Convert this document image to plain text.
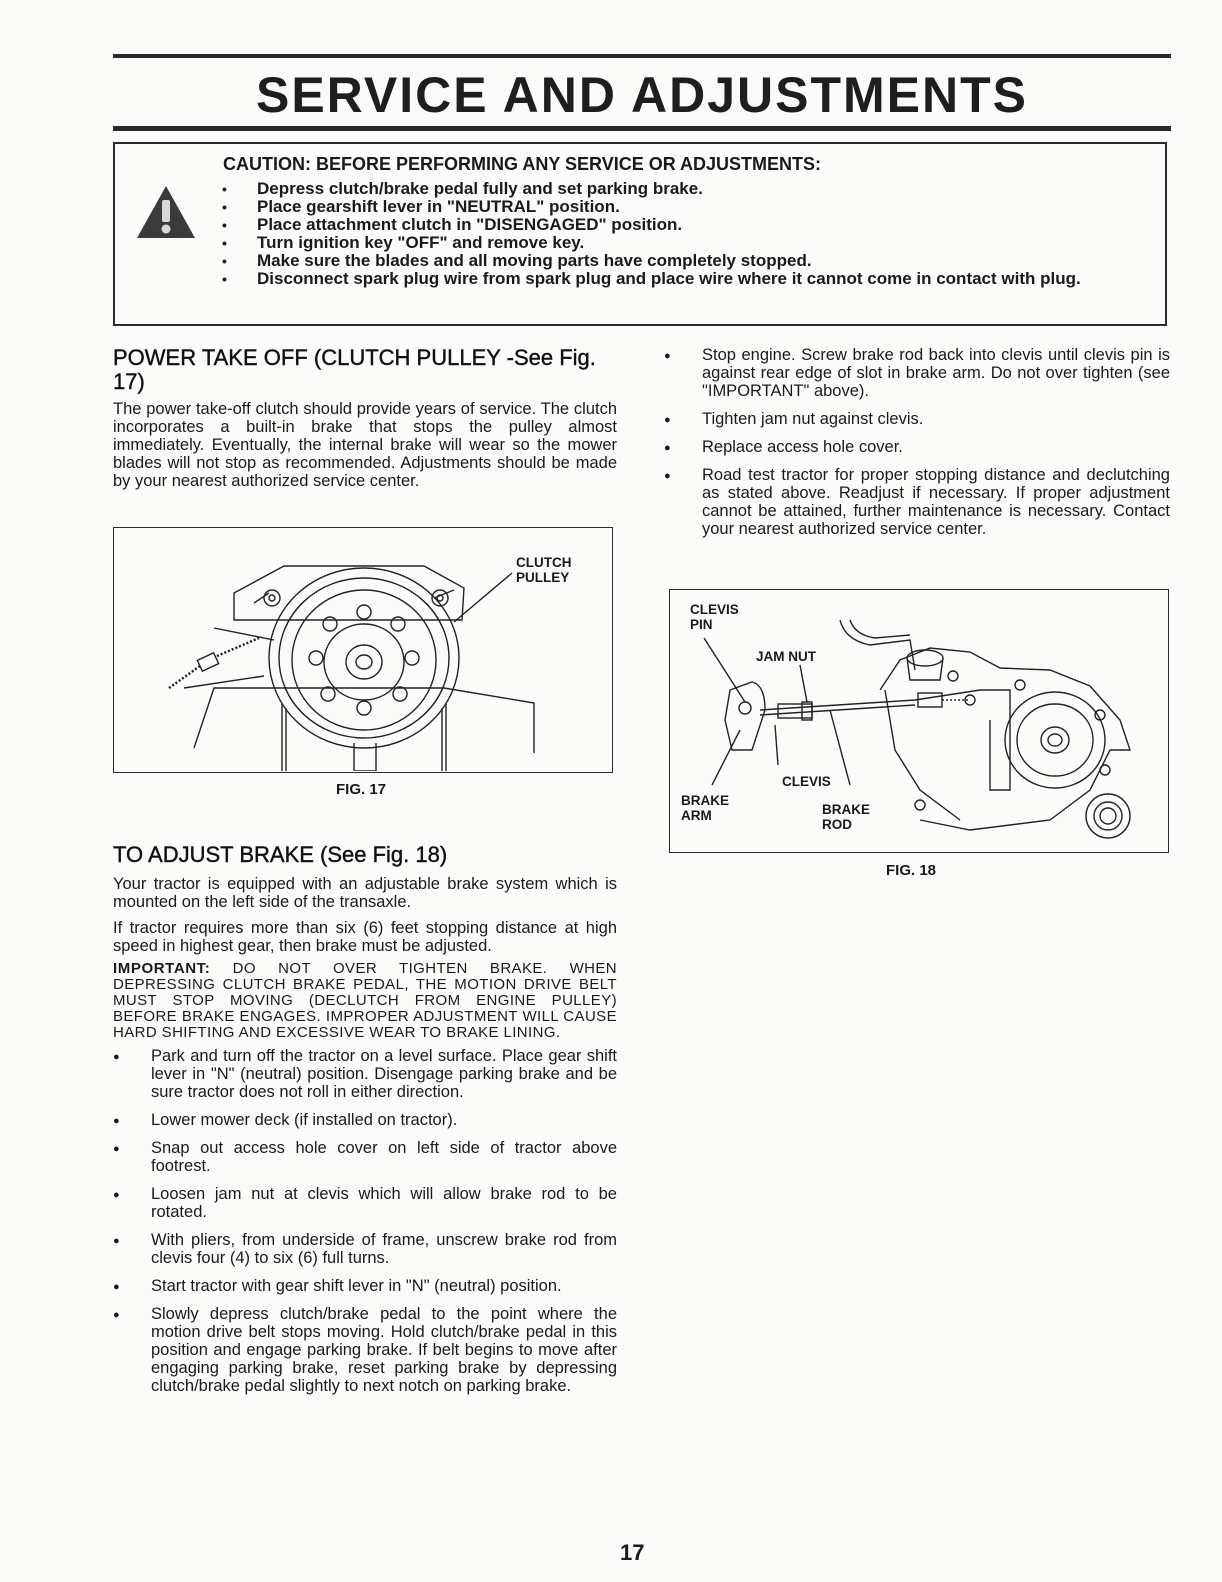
SERVICE AND ADJUSTMENTS
CAUTION: BEFORE PERFORMING ANY SERVICE OR ADJUSTMENTS:
• Depress clutch/brake pedal fully and set parking brake.
• Place gearshift lever in "NEUTRAL" position.
• Place attachment clutch in "DISENGAGED" position.
• Turn ignition key "OFF" and remove key.
• Make sure the blades and all moving parts have completely stopped.
• Disconnect spark plug wire from spark plug and place wire where it cannot come in contact with plug.
POWER TAKE OFF (CLUTCH PULLEY -See Fig. 17)

The power take-off clutch should provide years of service. The clutch incorporates a built-in brake that stops the pulley almost immediately. Eventually, the internal brake will wear so the mower blades will not stop as recommended. Adjustments should be made by your nearest authorized service center.

CLUTCH PULLEY
FIG. 17
TO ADJUST BRAKE (See Fig. 18)

Your tractor is equipped with an adjustable brake system which is mounted on the left side of the transaxle.

If tractor requires more than six (6) feet stopping distance at high speed in highest gear, then brake must be adjusted.

IMPORTANT: DO NOT OVER TIGHTEN BRAKE. WHEN DEPRESSING CLUTCH BRAKE PEDAL, THE MOTION DRIVE BELT MUST STOP MOVING (DECLUTCH FROM ENGINE PULLEY) BEFORE BRAKE ENGAGES. IMPROPER ADJUSTMENT WILL CAUSE HARD SHIFTING AND EXCESSIVE WEAR TO BRAKE LINING.

● Park and turn off the tractor on a level surface. Place gear shift lever in "N" (neutral) position. Disengage parking brake and be sure tractor does not roll in either direction.
● Lower mower deck (if installed on tractor).
● Snap out access hole cover on left side of tractor above footrest.
● Loosen jam nut at clevis which will allow brake rod to be rotated.
● With pliers, from underside of frame, unscrew brake rod from clevis four (4) to six (6) full turns.
● Start tractor with gear shift lever in "N" (neutral) position.
● Slowly depress clutch/brake pedal to the point where the motion drive belt stops moving. Hold clutch/brake pedal in this position and engage parking brake. If belt begins to move after engaging parking brake, reset parking brake by depressing clutch/brake pedal slightly to next notch on parking brake.
● Stop engine. Screw brake rod back into clevis until clevis pin is against rear edge of slot in brake arm. Do not over tighten (see "IMPORTANT" above).
● Tighten jam nut against clevis.
● Replace access hole cover.
● Road test tractor for proper stopping distance and declutching as stated above. Readjust if necessary. If proper adjustment cannot be attained, further maintenance is necessary. Contact your nearest authorized service center.
CLEVIS PIN
JAM NUT
CLEVIS
BRAKE ARM	BRAKE ROD
FIG. 18
17
